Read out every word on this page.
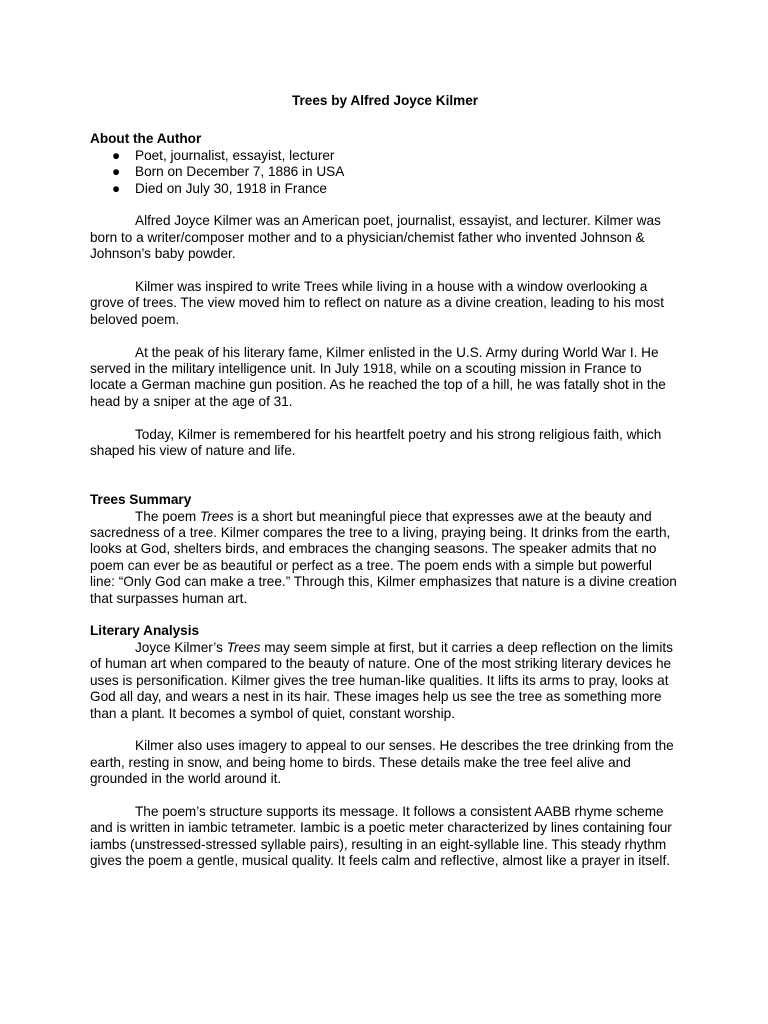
Trees by Alfred Joyce Kilmer
About the Author
● Poet, journalist, essayist, lecturer
● Born on December 7, 1886 in USA
● Died on July 30, 1918 in France

Alfred Joyce Kilmer was an American poet, journalist, essayist, and lecturer. Kilmer was born to a writer/composer mother and to a physician/chemist father who invented Johnson & Johnson’s baby powder.

Kilmer was inspired to write Trees while living in a house with a window overlooking a grove of trees. The view moved him to reflect on nature as a divine creation, leading to his most beloved poem.

At the peak of his literary fame, Kilmer enlisted in the U.S. Army during World War I. He served in the military intelligence unit. In July 1918, while on a scouting mission in France to locate a German machine gun position. As he reached the top of a hill, he was fatally shot in the head by a sniper at the age of 31.

Today, Kilmer is remembered for his heartfelt poetry and his strong religious faith, which shaped his view of nature and life.

Trees Summary

The poem Trees is a short but meaningful piece that expresses awe at the beauty and sacredness of a tree. Kilmer compares the tree to a living, praying being. It drinks from the earth, looks at God, shelters birds, and embraces the changing seasons. The speaker admits that no poem can ever be as beautiful or perfect as a tree. The poem ends with a simple but powerful line: “Only God can make a tree.” Through this, Kilmer emphasizes that nature is a divine creation that surpasses human art.

Literary Analysis

Joyce Kilmer’s Trees may seem simple at first, but it carries a deep reflection on the limits of human art when compared to the beauty of nature. One of the most striking literary devices he uses is personification. Kilmer gives the tree human-like qualities. It lifts its arms to pray, looks at God all day, and wears a nest in its hair. These images help us see the tree as something more than a plant. It becomes a symbol of quiet, constant worship.

Kilmer also uses imagery to appeal to our senses. He describes the tree drinking from the earth, resting in snow, and being home to birds. These details make the tree feel alive and grounded in the world around it.

The poem’s structure supports its message. It follows a consistent AABB rhyme scheme and is written in iambic tetrameter. Iambic is a poetic meter characterized by lines containing four iambs (unstressed-stressed syllable pairs), resulting in an eight-syllable line. This steady rhythm gives the poem a gentle, musical quality. It feels calm and reflective, almost like a prayer in itself.
